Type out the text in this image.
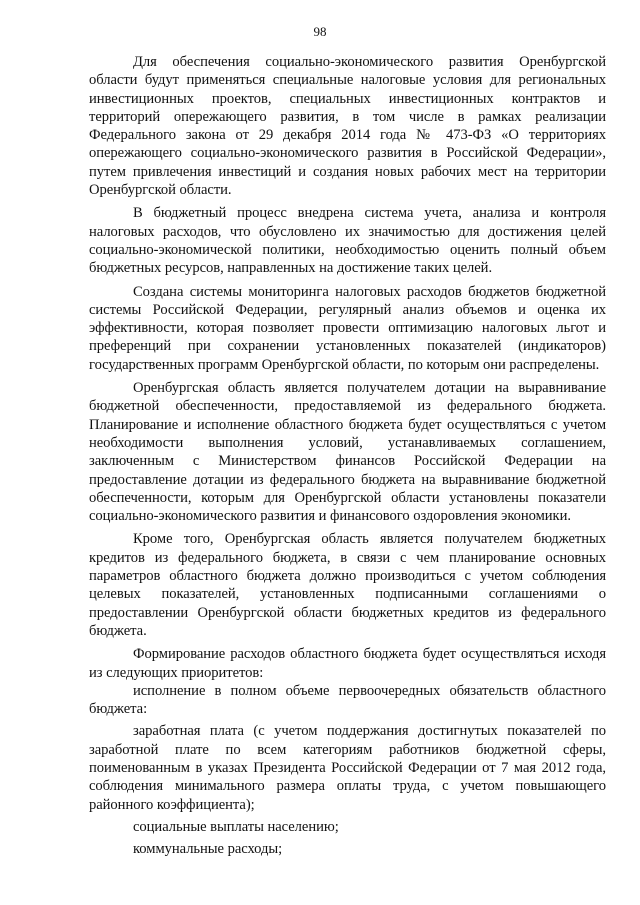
98

Для обеспечения социально-экономического развития Оренбургской области будут применяться специальные налоговые условия для региональных инвестиционных проектов, специальных инвестиционных контрактов и территорий опережающего развития, в том числе в рамках реализации Федерального закона от 29 декабря 2014 года № 473-ФЗ «О территориях опережающего социально-экономического развития в Российской Федерации», путем привлечения инвестиций и создания новых рабочих мест на территории Оренбургской области.

В бюджетный процесс внедрена система учета, анализа и контроля налоговых расходов, что обусловлено их значимостью для достижения целей социально-экономической политики, необходимостью оценить полный объем бюджетных ресурсов, направленных на достижение таких целей.

Создана системы мониторинга налоговых расходов бюджетов бюджетной системы Российской Федерации, регулярный анализ объемов и оценка их эффективности, которая позволяет провести оптимизацию налоговых льгот и преференций при сохранении установленных показателей (индикаторов) государственных программ Оренбургской области, по которым они распределены.

Оренбургская область является получателем дотации на выравнивание бюджетной обеспеченности, предоставляемой из федерального бюджета. Планирование и исполнение областного бюджета будет осуществляться с учетом необходимости выполнения условий, устанавливаемых соглашением, заключенным с Министерством финансов Российской Федерации на предоставление дотации из федерального бюджета на выравнивание бюджетной обеспеченности, которым для Оренбургской области установлены показатели социально-экономического развития и финансового оздоровления экономики.

Кроме того, Оренбургская область является получателем бюджетных кредитов из федерального бюджета, в связи с чем планирование основных параметров областного бюджета должно производиться с учетом соблюдения целевых показателей, установленных подписанными соглашениями о предоставлении Оренбургской области бюджетных кредитов из федерального бюджета.

Формирование расходов областного бюджета будет осуществляться исходя из следующих приоритетов:

исполнение в полном объеме первоочередных обязательств областного бюджета:
заработная плата (с учетом поддержания достигнутых показателей по заработной плате по всем категориям работников бюджетной сферы, поименованным в указах Президента Российской Федерации от 7 мая 2012 года, соблюдения минимального размера оплаты труда, с учетом повышающего районного коэффициента);
социальные выплаты населению;
коммунальные расходы;
